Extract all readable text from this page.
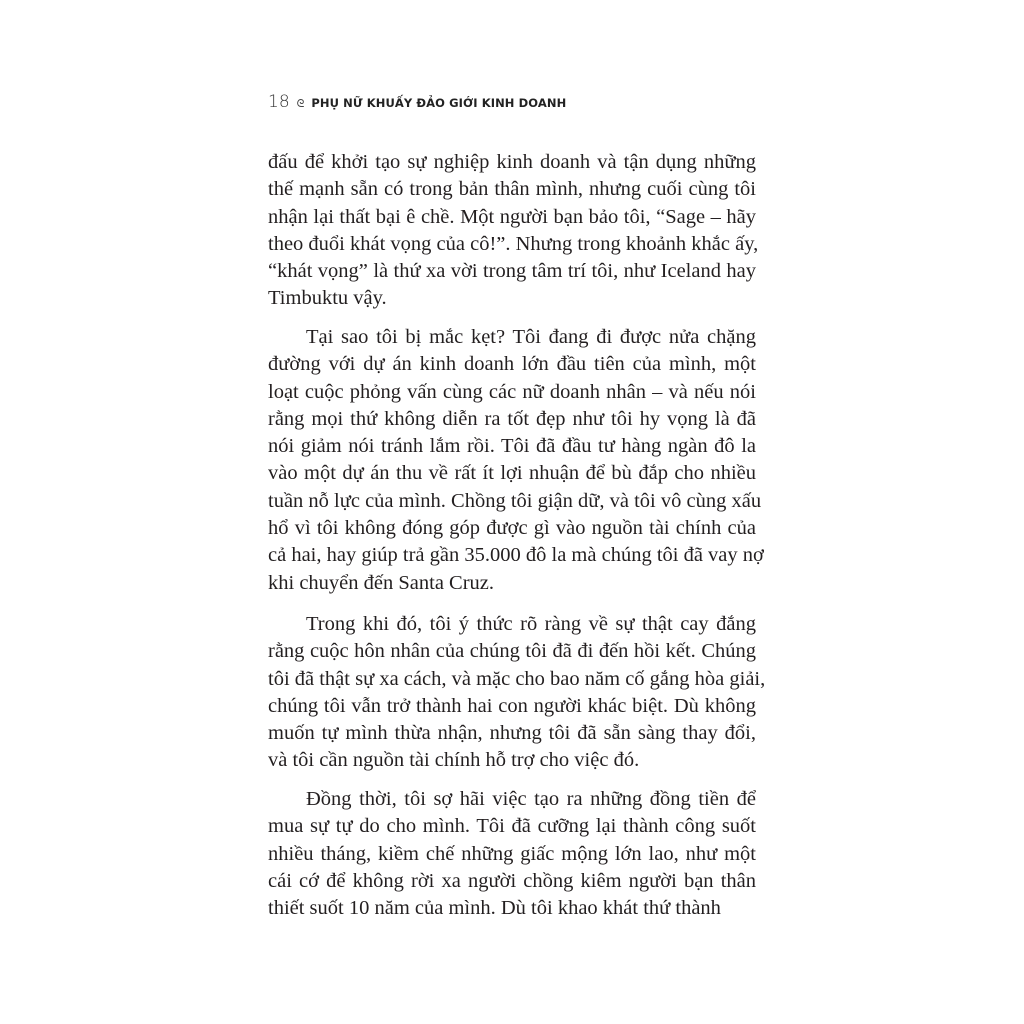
18 ᘓ PHỤ NỮ KHUẤY ĐẢO GIỚI KINH DOANH
đấu để khởi tạo sự nghiệp kinh doanh và tận dụng những
thế mạnh sẵn có trong bản thân mình, nhưng cuối cùng tôi
nhận lại thất bại ê chề. Một người bạn bảo tôi, “Sage – hãy
theo đuổi khát vọng của cô!”. Nhưng trong khoảnh khắc ấy,
“khát vọng” là thứ xa vời trong tâm trí tôi, như Iceland hay
Timbuktu vậy.
Tại sao tôi bị mắc kẹt? Tôi đang đi được nửa chặng
đường với dự án kinh doanh lớn đầu tiên của mình, một
loạt cuộc phỏng vấn cùng các nữ doanh nhân – và nếu nói
rằng mọi thứ không diễn ra tốt đẹp như tôi hy vọng là đã
nói giảm nói tránh lắm rồi. Tôi đã đầu tư hàng ngàn đô la
vào một dự án thu về rất ít lợi nhuận để bù đắp cho nhiều
tuần nỗ lực của mình. Chồng tôi giận dữ, và tôi vô cùng xấu
hổ vì tôi không đóng góp được gì vào nguồn tài chính của
cả hai, hay giúp trả gần 35.000 đô la mà chúng tôi đã vay nợ
khi chuyển đến Santa Cruz.
Trong khi đó, tôi ý thức rõ ràng về sự thật cay đắng
rằng cuộc hôn nhân của chúng tôi đã đi đến hồi kết. Chúng
tôi đã thật sự xa cách, và mặc cho bao năm cố gắng hòa giải,
chúng tôi vẫn trở thành hai con người khác biệt. Dù không
muốn tự mình thừa nhận, nhưng tôi đã sẵn sàng thay đổi,
và tôi cần nguồn tài chính hỗ trợ cho việc đó.
Đồng thời, tôi sợ hãi việc tạo ra những đồng tiền để
mua sự tự do cho mình. Tôi đã cưỡng lại thành công suốt
nhiều tháng, kiềm chế những giấc mộng lớn lao, như một
cái cớ để không rời xa người chồng kiêm người bạn thân
thiết suốt 10 năm của mình. Dù tôi khao khát thứ thành
